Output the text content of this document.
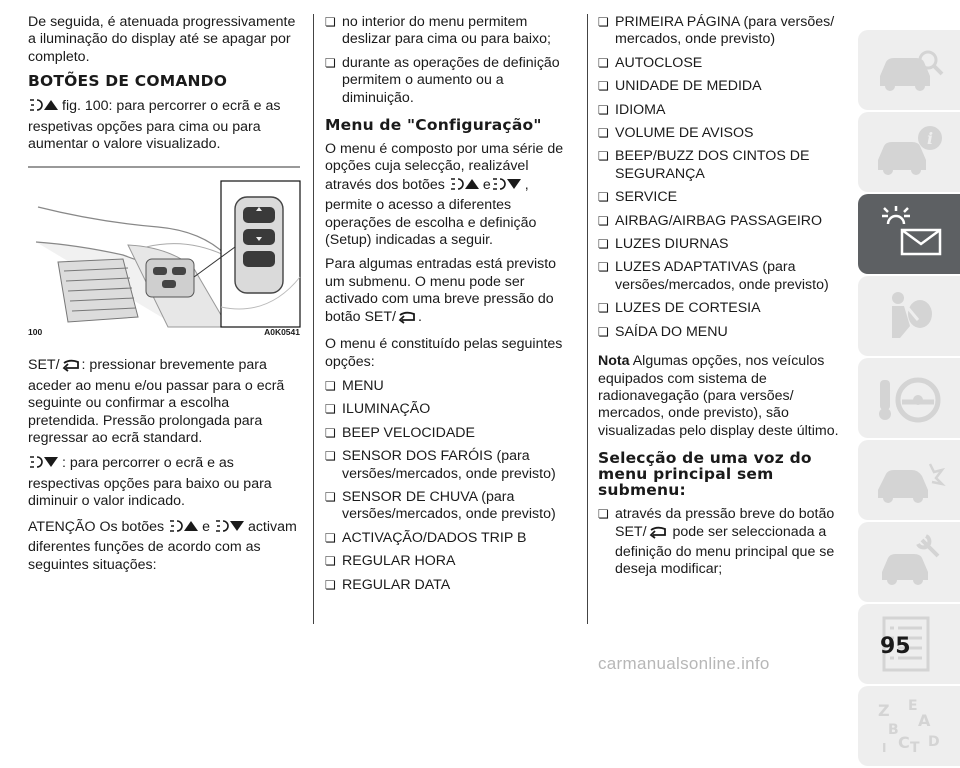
De seguida, é atenuada progressivamente a iluminação do display até se apagar por completo.

BOTÕES DE COMANDO

fig. 100: para percorrer o ecrã e as respetivas opções para cima ou para aumentar o valore visualizado.

100	A0K0541

SET/ : pressionar brevemente para aceder ao menu e/ou passar para o ecrã seguinte ou confirmar a escolha pretendida. Pressão prolongada para regressar ao ecrã standard.

: para percorrer o ecrã e as respectivas opções para baixo ou para diminuir o valor indicado.

ATENÇÃO Os botões	e	activam diferentes funções de acordo com as seguintes situações:

❏
no interior do menu permitem deslizar para cima ou para baixo;
❏
durante as operações de definição permitem o aumento ou a diminuição.
Menu de "Configuração"

O menu é composto por uma série de opções cuja selecção, realizável através dos botões	e , permite o acesso a diferentes operações de escolha e definição (Setup) indicadas a seguir.

Para algumas entradas está previsto um submenu. O menu pode ser activado com uma breve pressão do botão SET/ .

O menu é constituído pelas seguintes opções:

❏
MENU
❏
ILUMINAÇÃO
❏
BEEP VELOCIDADE
❏
SENSOR DOS FARÓIS (para versões/mercados, onde previsto)
❏
SENSOR DE CHUVA (para versões/mercados, onde previsto)
❏
ACTIVAÇÃO/DADOS TRIP B
❏
REGULAR HORA
❏
REGULAR DATA
❏
PRIMEIRA PÁGINA (para versões/ mercados, onde previsto)
❏
AUTOCLOSE
❏
UNIDADE DE MEDIDA
❏
IDIOMA
❏
VOLUME DE AVISOS
❏
BEEP/BUZZ DOS CINTOS DE SEGURANÇA
❏
SERVICE
❏
AIRBAG/AIRBAG PASSAGEIRO
❏
LUZES DIURNAS
❏
LUZES ADAPTATIVAS (para versões/mercados, onde previsto)
❏
LUZES DE CORTESIA
❏
SAÍDA DO MENU

Nota Algumas opções, nos veículos equipados com sistema de radionavegação (para versões/ mercados, onde previsto), são visualizadas pelo display deste último.

Selecção de uma voz do menu principal sem submenu:
❏
através da pressão breve do botão SET/ pode ser seleccionada a definição do menu principal que se deseja modificar;
i
Z E
A
B
C
I T D
95
carmanualsonline.info
